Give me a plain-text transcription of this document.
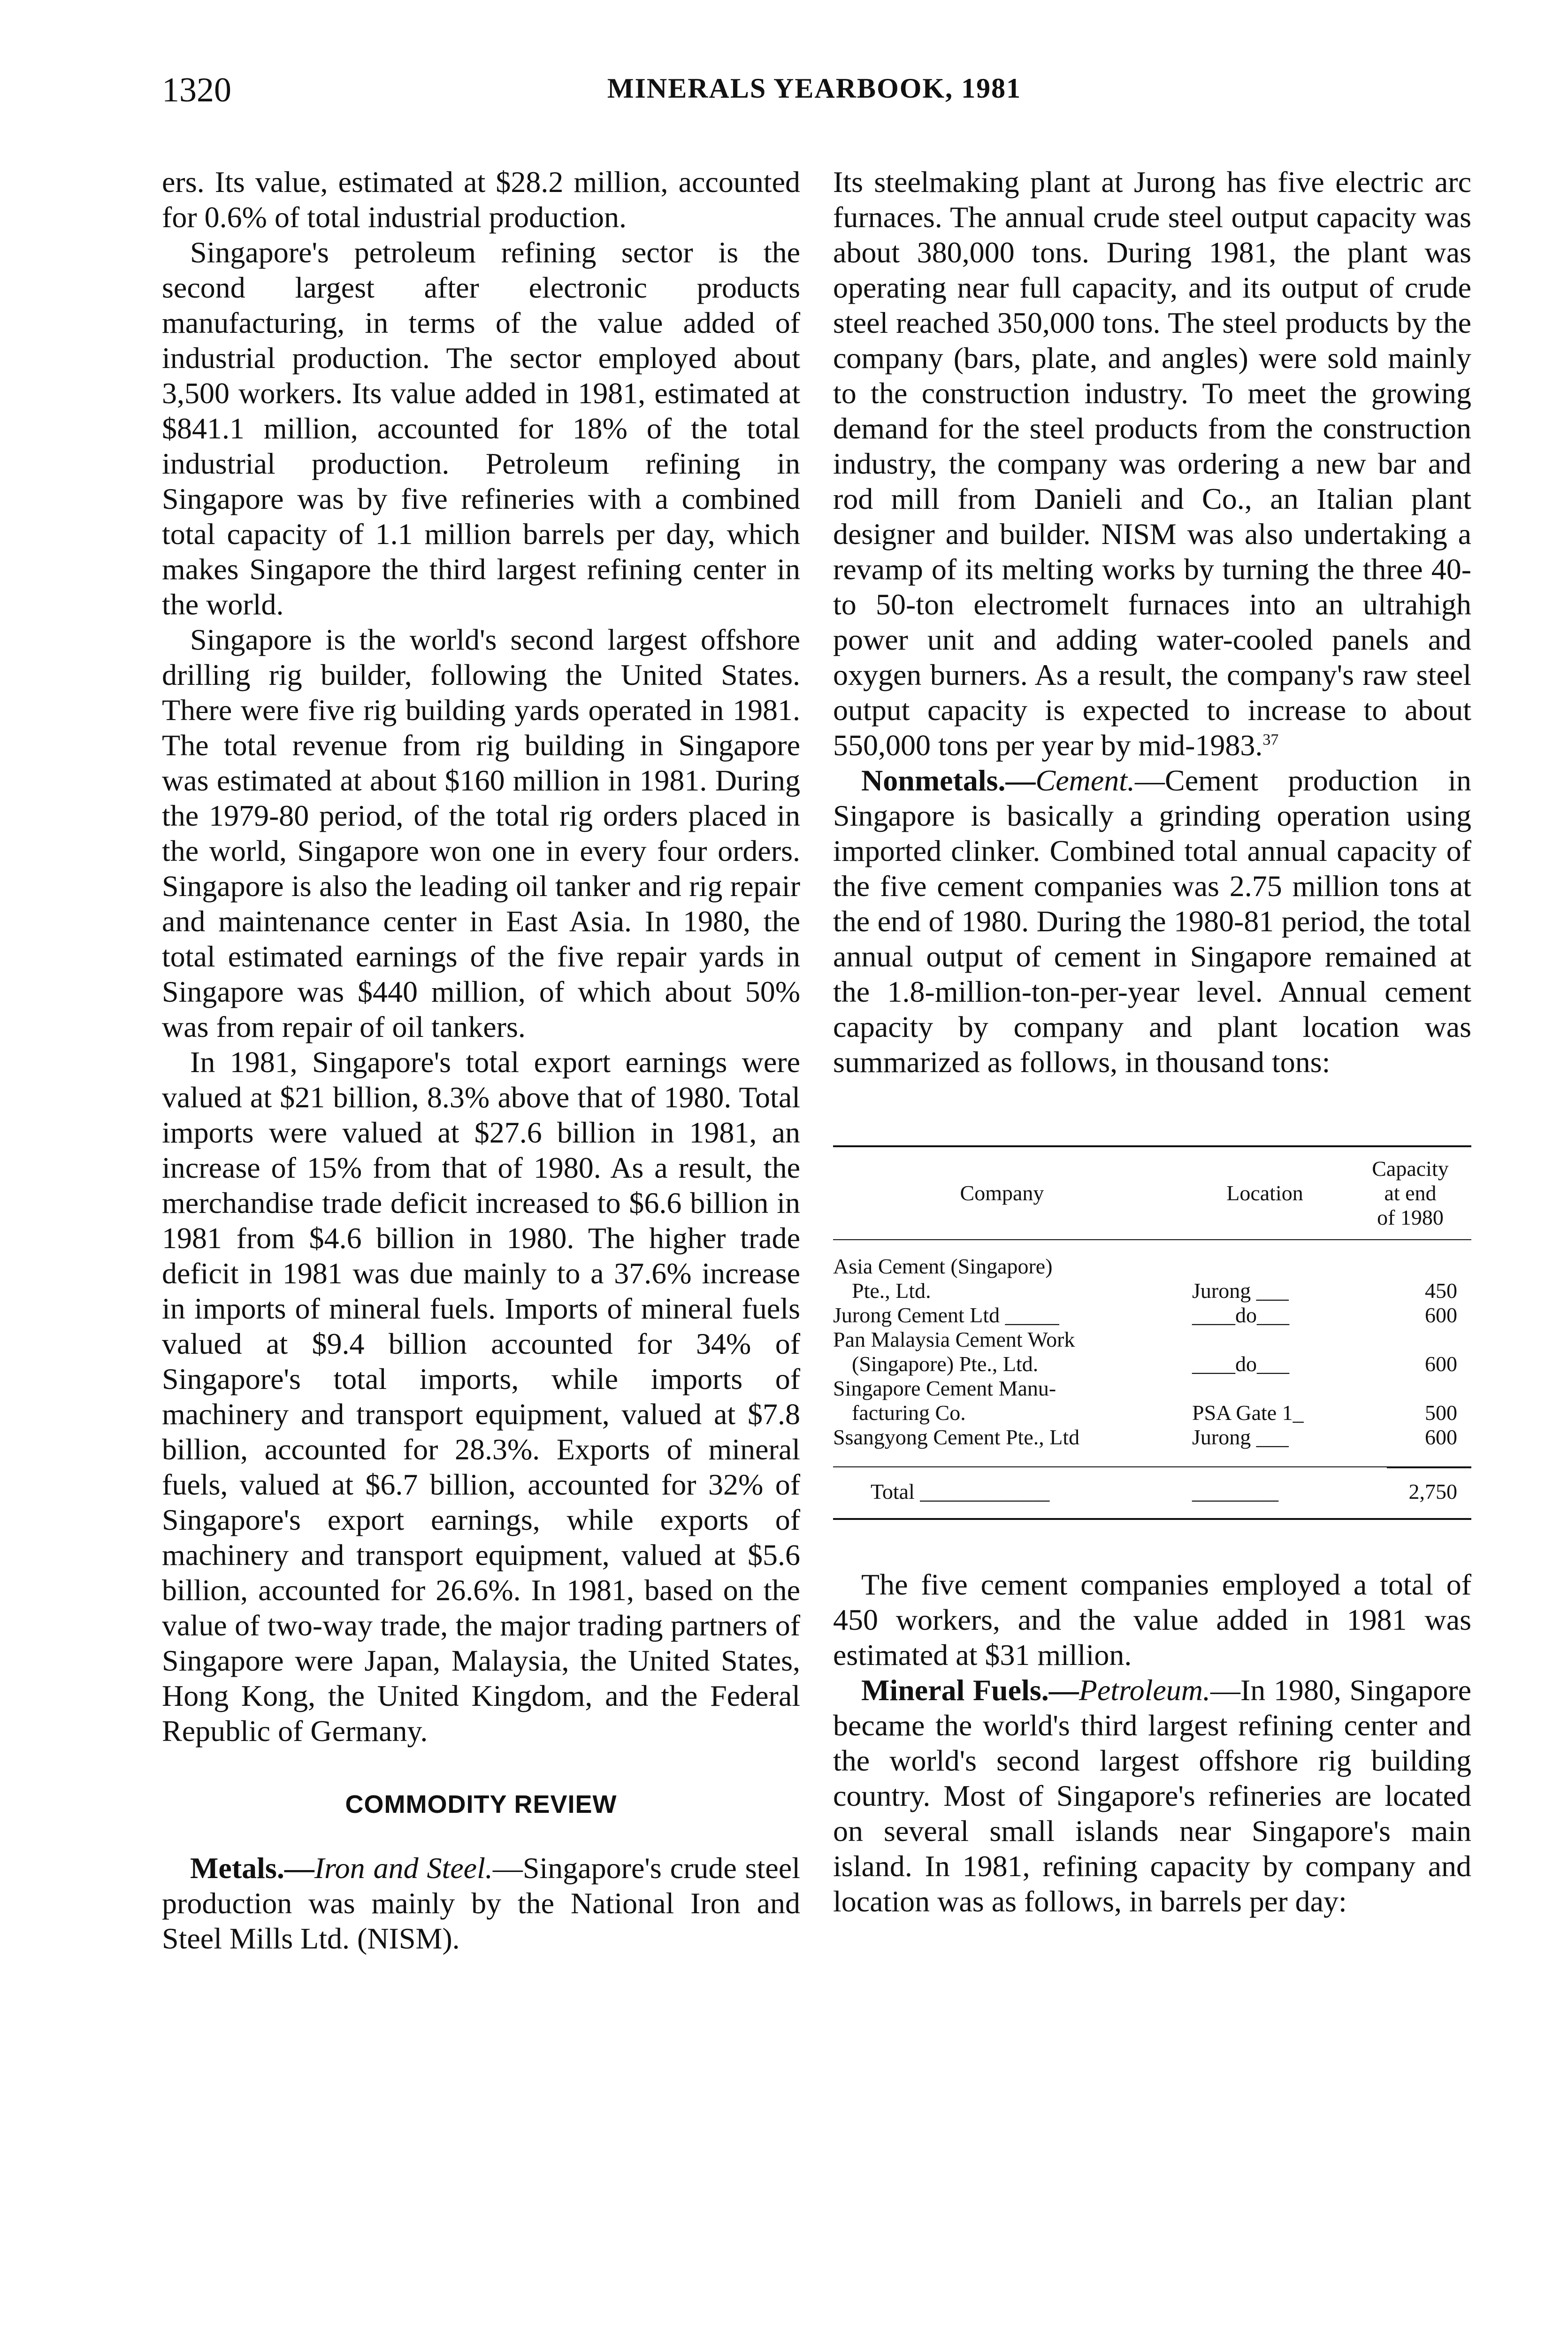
1320	MINERALS YEARBOOK, 1981

ers. Its value, estimated at $28.2 million, accounted for 0.6% of total industrial production.

Singapore's petroleum refining sector is the second largest after electronic products manufacturing, in terms of the value added of industrial production. The sector employed about 3,500 workers. Its value added in 1981, estimated at $841.1 million, accounted for 18% of the total industrial production. Petroleum refining in Singapore was by five refineries with a combined total capacity of 1.1 million barrels per day, which makes Singapore the third largest refining center in the world.

Singapore is the world's second largest offshore drilling rig builder, following the United States. There were five rig building yards operated in 1981. The total revenue from rig building in Singapore was estimated at about $160 million in 1981. During the 1979-80 period, of the total rig orders placed in the world, Singapore won one in every four orders. Singapore is also the leading oil tanker and rig repair and maintenance center in East Asia. In 1980, the total estimated earnings of the five repair yards in Singapore was $440 million, of which about 50% was from repair of oil tankers.

In 1981, Singapore's total export earnings were valued at $21 billion, 8.3% above that of 1980. Total imports were valued at $27.6 billion in 1981, an increase of 15% from that of 1980. As a result, the merchandise trade deficit increased to $6.6 billion in 1981 from $4.6 billion in 1980. The higher trade deficit in 1981 was due mainly to a 37.6% increase in imports of mineral fuels. Imports of mineral fuels valued at $9.4 billion accounted for 34% of Singapore's total imports, while imports of machinery and transport equipment, valued at $7.8 billion, accounted for 28.3%. Exports of mineral fuels, valued at $6.7 billion, accounted for 32% of Singapore's export earnings, while exports of machinery and transport equipment, valued at $5.6 billion, accounted for 26.6%. In 1981, based on the value of two-way trade, the major trading partners of Singapore were Japan, Malaysia, the United States, Hong Kong, the United Kingdom, and the Federal Republic of Germany.

COMMODITY REVIEW

Metals.—Iron and Steel.—Singapore's crude steel production was mainly by the National Iron and Steel Mills Ltd. (NISM).

Its steelmaking plant at Jurong has five electric arc furnaces. The annual crude steel output capacity was about 380,000 tons. During 1981, the plant was operating near full capacity, and its output of crude steel reached 350,000 tons. The steel products by the company (bars, plate, and angles) were sold mainly to the construction industry. To meet the growing demand for the steel products from the construction industry, the company was ordering a new bar and rod mill from Danieli and Co., an Italian plant designer and builder. NISM was also undertaking a revamp of its melting works by turning the three 40- to 50-ton electromelt furnaces into an ultrahigh power unit and adding water-cooled panels and oxygen burners. As a result, the company's raw steel output capacity is expected to increase to about 550,000 tons per year by mid-1983.37

Nonmetals.—Cement.—Cement production in Singapore is basically a grinding operation using imported clinker. Combined total annual capacity of the five cement companies was 2.75 million tons at the end of 1980. During the 1980-81 period, the total annual output of cement in Singapore remained at the 1.8-million-ton-per-year level. Annual cement capacity by company and plant location was summarized as follows, in thousand tons:

Company	Location
Capacity
at end
of 1980
Asia Cement (Singapore)
Pte., Ltd.	Jurong ___	450
Jurong Cement Ltd _____	____do___	600
Pan Malaysia Cement Work
(Singapore) Pte., Ltd.	____do___	600
Singapore Cement Manu-
facturing Co.	PSA Gate 1_	500
Ssangyong Cement Pte., Ltd	Jurong ___	600
Total ____________	________	2,750

The five cement companies employed a total of 450 workers, and the value added in 1981 was estimated at $31 million.

Mineral Fuels.—Petroleum.—In 1980, Singapore became the world's third largest refining center and the world's second largest offshore rig building country. Most of Singapore's refineries are located on several small islands near Singapore's main island. In 1981, refining capacity by company and location was as follows, in barrels per day:
